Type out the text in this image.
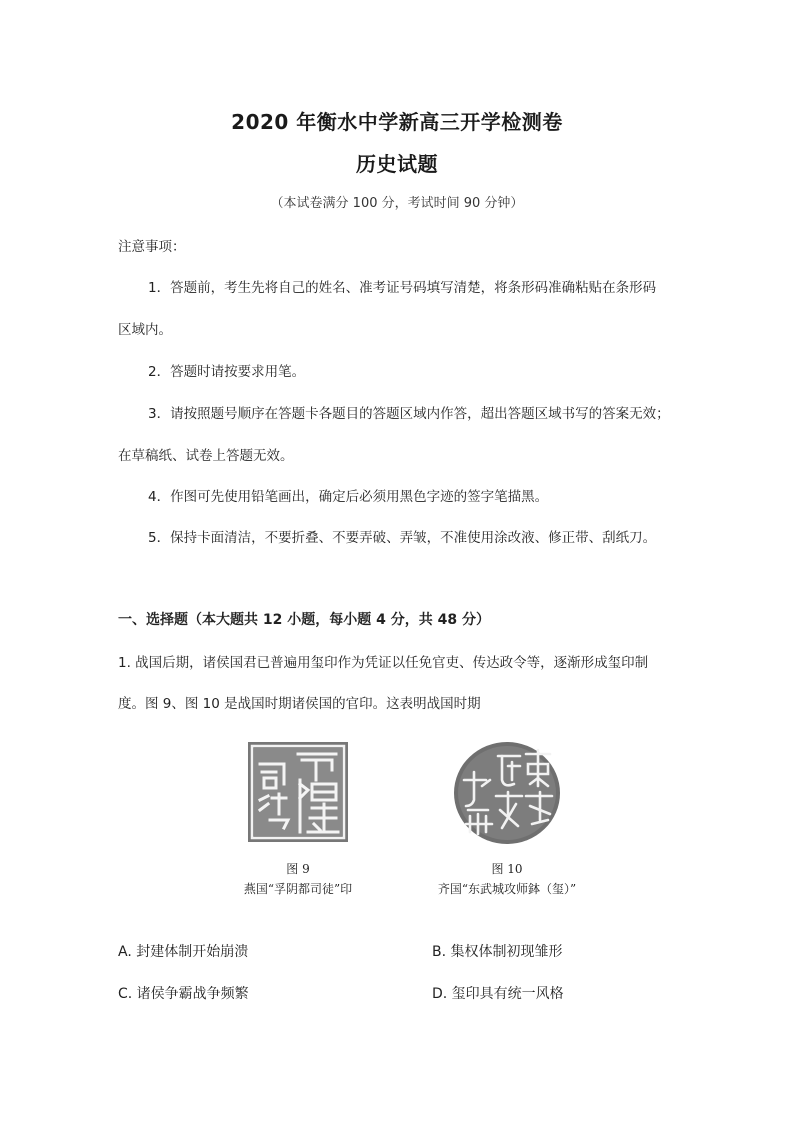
2020 年衡水中学新高三开学检测卷
历史试题
（本试卷满分 100 分，考试时间 90 分钟）
注意事项：
1．答题前，考生先将自己的姓名、准考证号码填写清楚，将条形码准确粘贴在条形码
区域内。
2．答题时请按要求用笔。
3．请按照题号顺序在答题卡各题目的答题区域内作答，超出答题区域书写的答案无效；
在草稿纸、试卷上答题无效。
4．作图可先使用铅笔画出，确定后必须用黑色字迹的签字笔描黑。
5．保持卡面清洁，不要折叠、不要弄破、弄皱，不准使用涂改液、修正带、刮纸刀。
一、选择题（本大题共 12 小题，每小题 4 分，共 48 分）
1. 战国后期，诸侯国君已普遍用玺印作为凭证以任免官吏、传达政令等，逐渐形成玺印制
度。图 9、图 10 是战国时期诸侯国的官印。这表明战国时期
图 9
燕国“孚阴都司徒”印
图 10
齐国“东武城攻师鉢（玺）”
A. 封建体制开始崩溃	B. 集权体制初现雏形
C. 诸侯争霸战争频繁	D. 玺印具有统一风格
